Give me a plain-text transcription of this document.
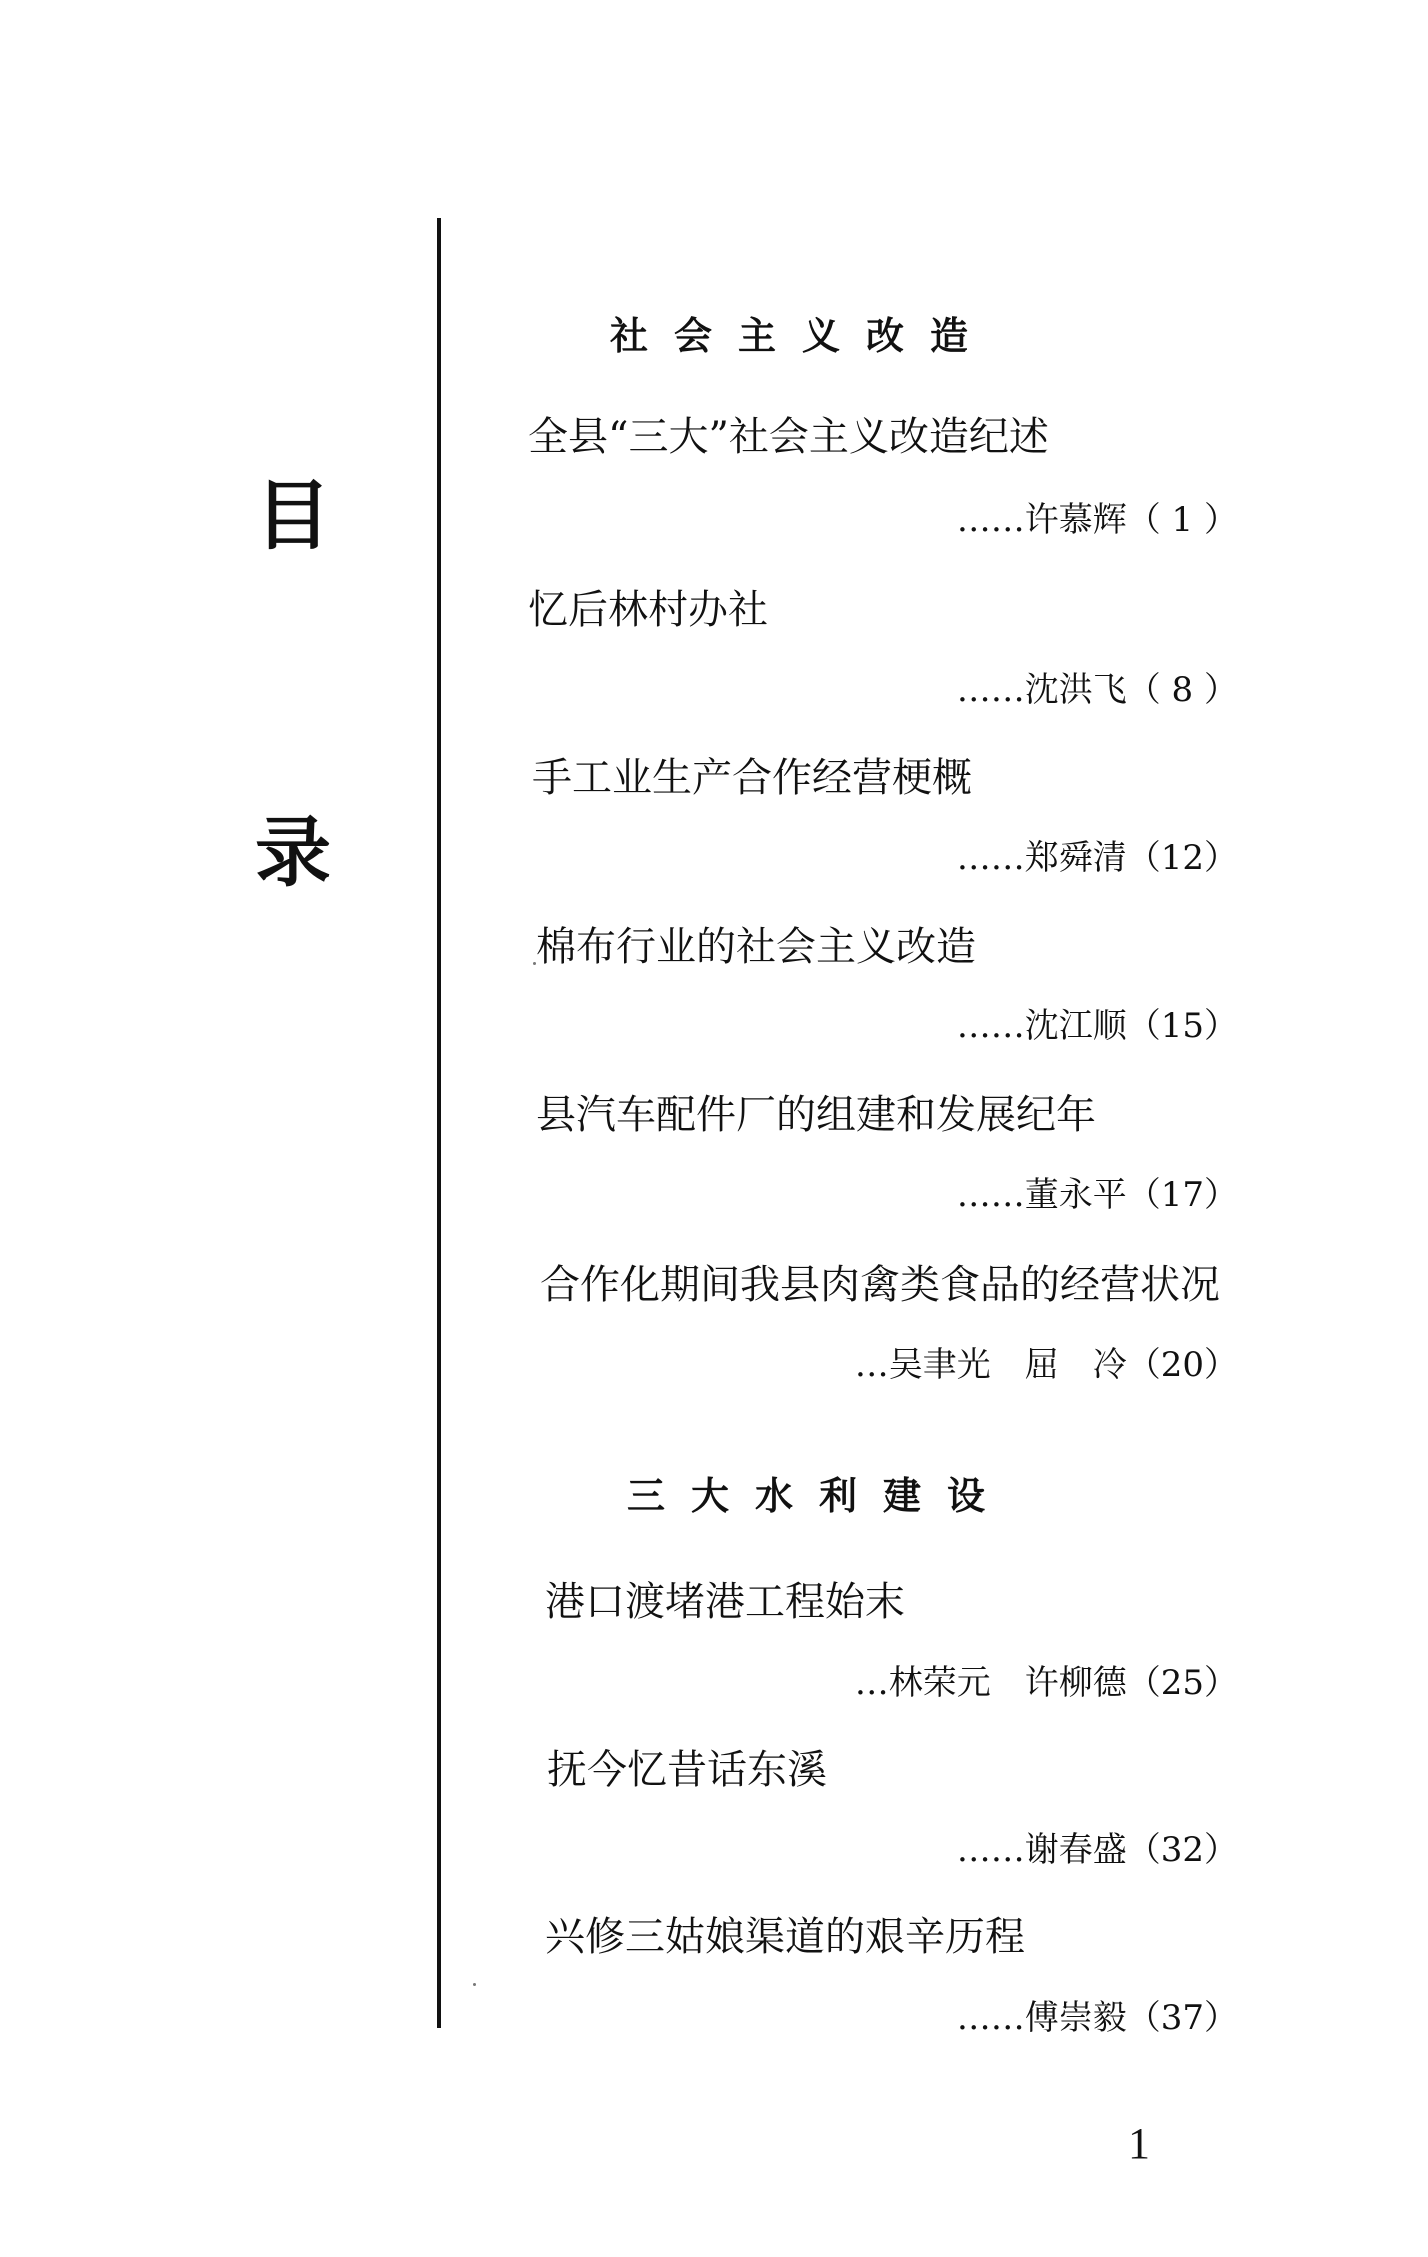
目
录
社会主义改造
全县“三大”社会主义改造纪述
……许慕辉（ 1 ）
忆后林村办社
……沈洪飞（ 8 ）
手工业生产合作经营梗概
……郑舜清（12）
棉布行业的社会主义改造
……沈江顺（15）
县汽车配件厂的组建和发展纪年
……董永平（17）
合作化期间我县肉禽类食品的经营状况
…吴聿光　屈　冷（20）
三大水利建设
港口渡堵港工程始末
…林荣元　许柳德（25）
抚今忆昔话东溪
……谢春盛（32）
兴修三姑娘渠道的艰辛历程
……傅崇毅（37）
1
